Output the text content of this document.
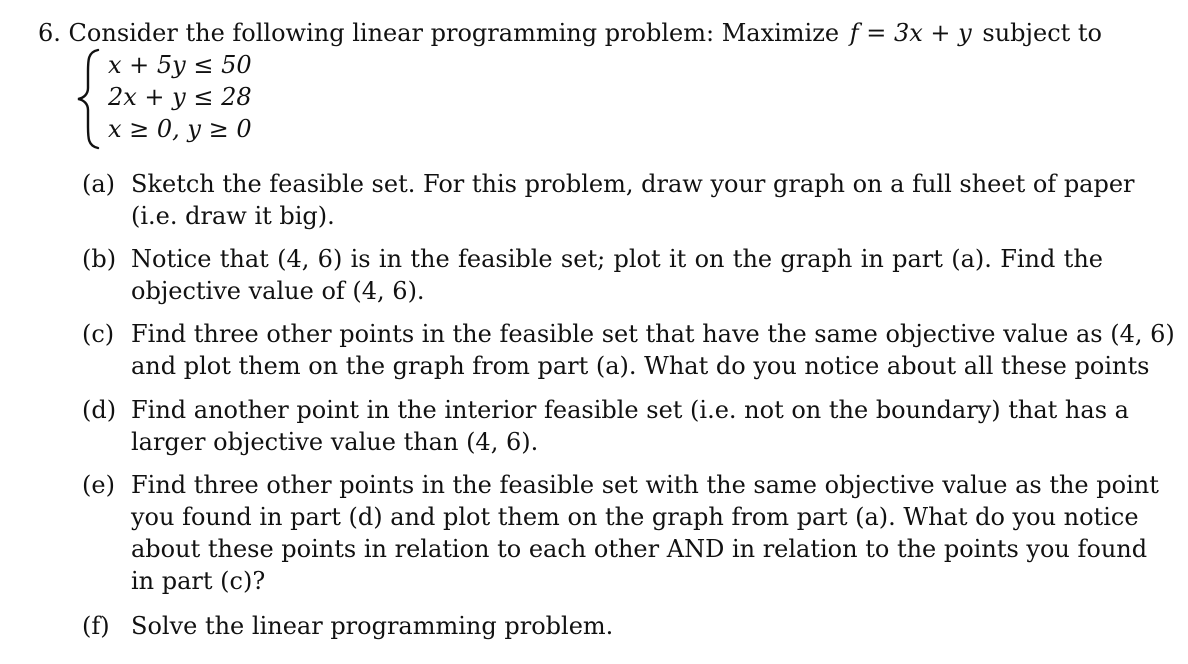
6. Consider the following linear programming problem: Maximize f = 3x + y subject to
x + 5y ≤ 50
2x + y ≤ 28
x ≥ 0, y ≥ 0
(a) Sketch the feasible set. For this problem, draw your graph on a full sheet of paper
(i.e. draw it big).
(b) Notice that (4, 6) is in the feasible set; plot it on the graph in part (a). Find the
objective value of (4, 6).
(c) Find three other points in the feasible set that have the same objective value as (4, 6)
and plot them on the graph from part (a). What do you notice about all these points
(d) Find another point in the interior feasible set (i.e. not on the boundary) that has a
larger objective value than (4, 6).
(e) Find three other points in the feasible set with the same objective value as the point
you found in part (d) and plot them on the graph from part (a). What do you notice
about these points in relation to each other AND in relation to the points you found
in part (c)?
(f) Solve the linear programming problem.
